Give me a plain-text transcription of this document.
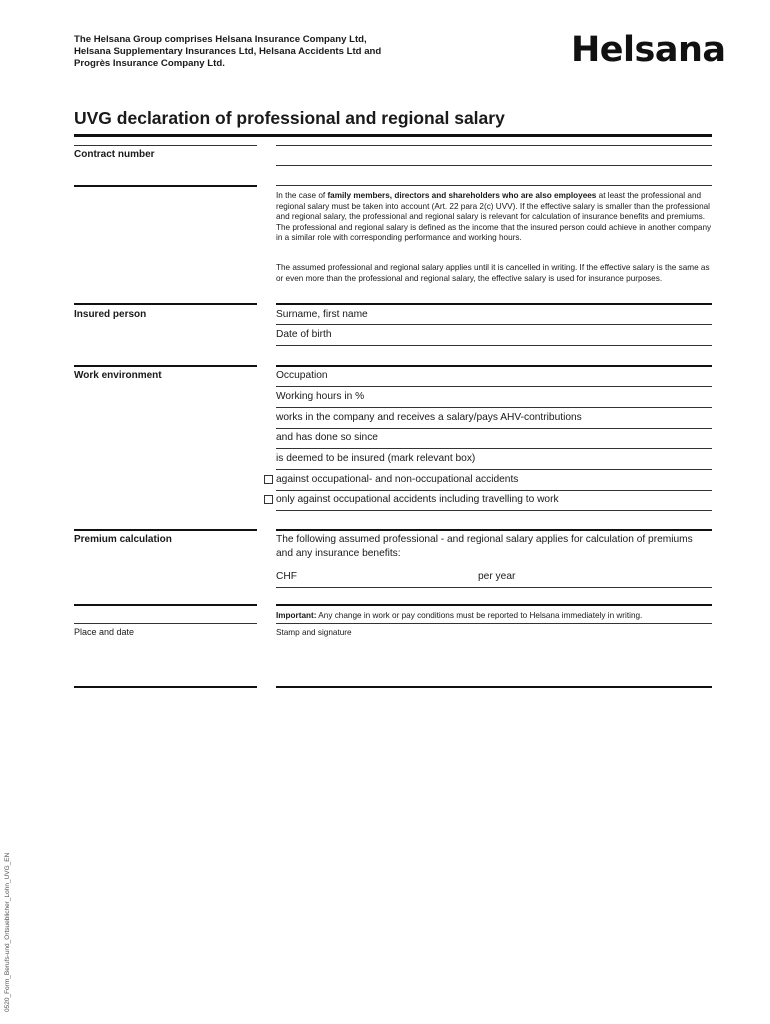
The Helsana Group comprises Helsana Insurance Company Ltd, Helsana Supplementary Insurances Ltd, Helsana Accidents Ltd and Progrès Insurance Company Ltd.	Helsana
UVG declaration of professional and regional salary
Contract number
In the case of family members, directors and shareholders who are also employees at least the professional and regional salary must be taken into account (Art. 22 para 2(c) UVV). If the effective salary is smaller than the professional and regional salary, the professional and regional salary is relevant for calculation of insurance benefits and premiums. The professional and regional salary is defined as the income that the insured person could achieve in another company in a similar role with corresponding performance and working hours.
The assumed professional and regional salary applies until it is cancelled in writing. If the effective salary is the same as or even more than the professional and regional salary, the effective salary is used for insurance purposes.
Insured person	Surname, first name
Date of birth
Work environment	Occupation
Working hours in %
works in the company and receives a salary/pays AHV-contributions
and has done so since
is deemed to be insured (mark relevant box)
against occupational- and non-occupational accidents
only against occupational accidents including travelling to work
Premium calculation	The following assumed professional - and regional salary applies for calculation of premiums and any insurance benefits:
CHF	per year
Important: Any change in work or pay conditions must be reported to Helsana immediately in writing.
Place and date	Stamp and signature
0520_Form_Berufs-und_Ortsueblicher_Lohn_UVG_EN
